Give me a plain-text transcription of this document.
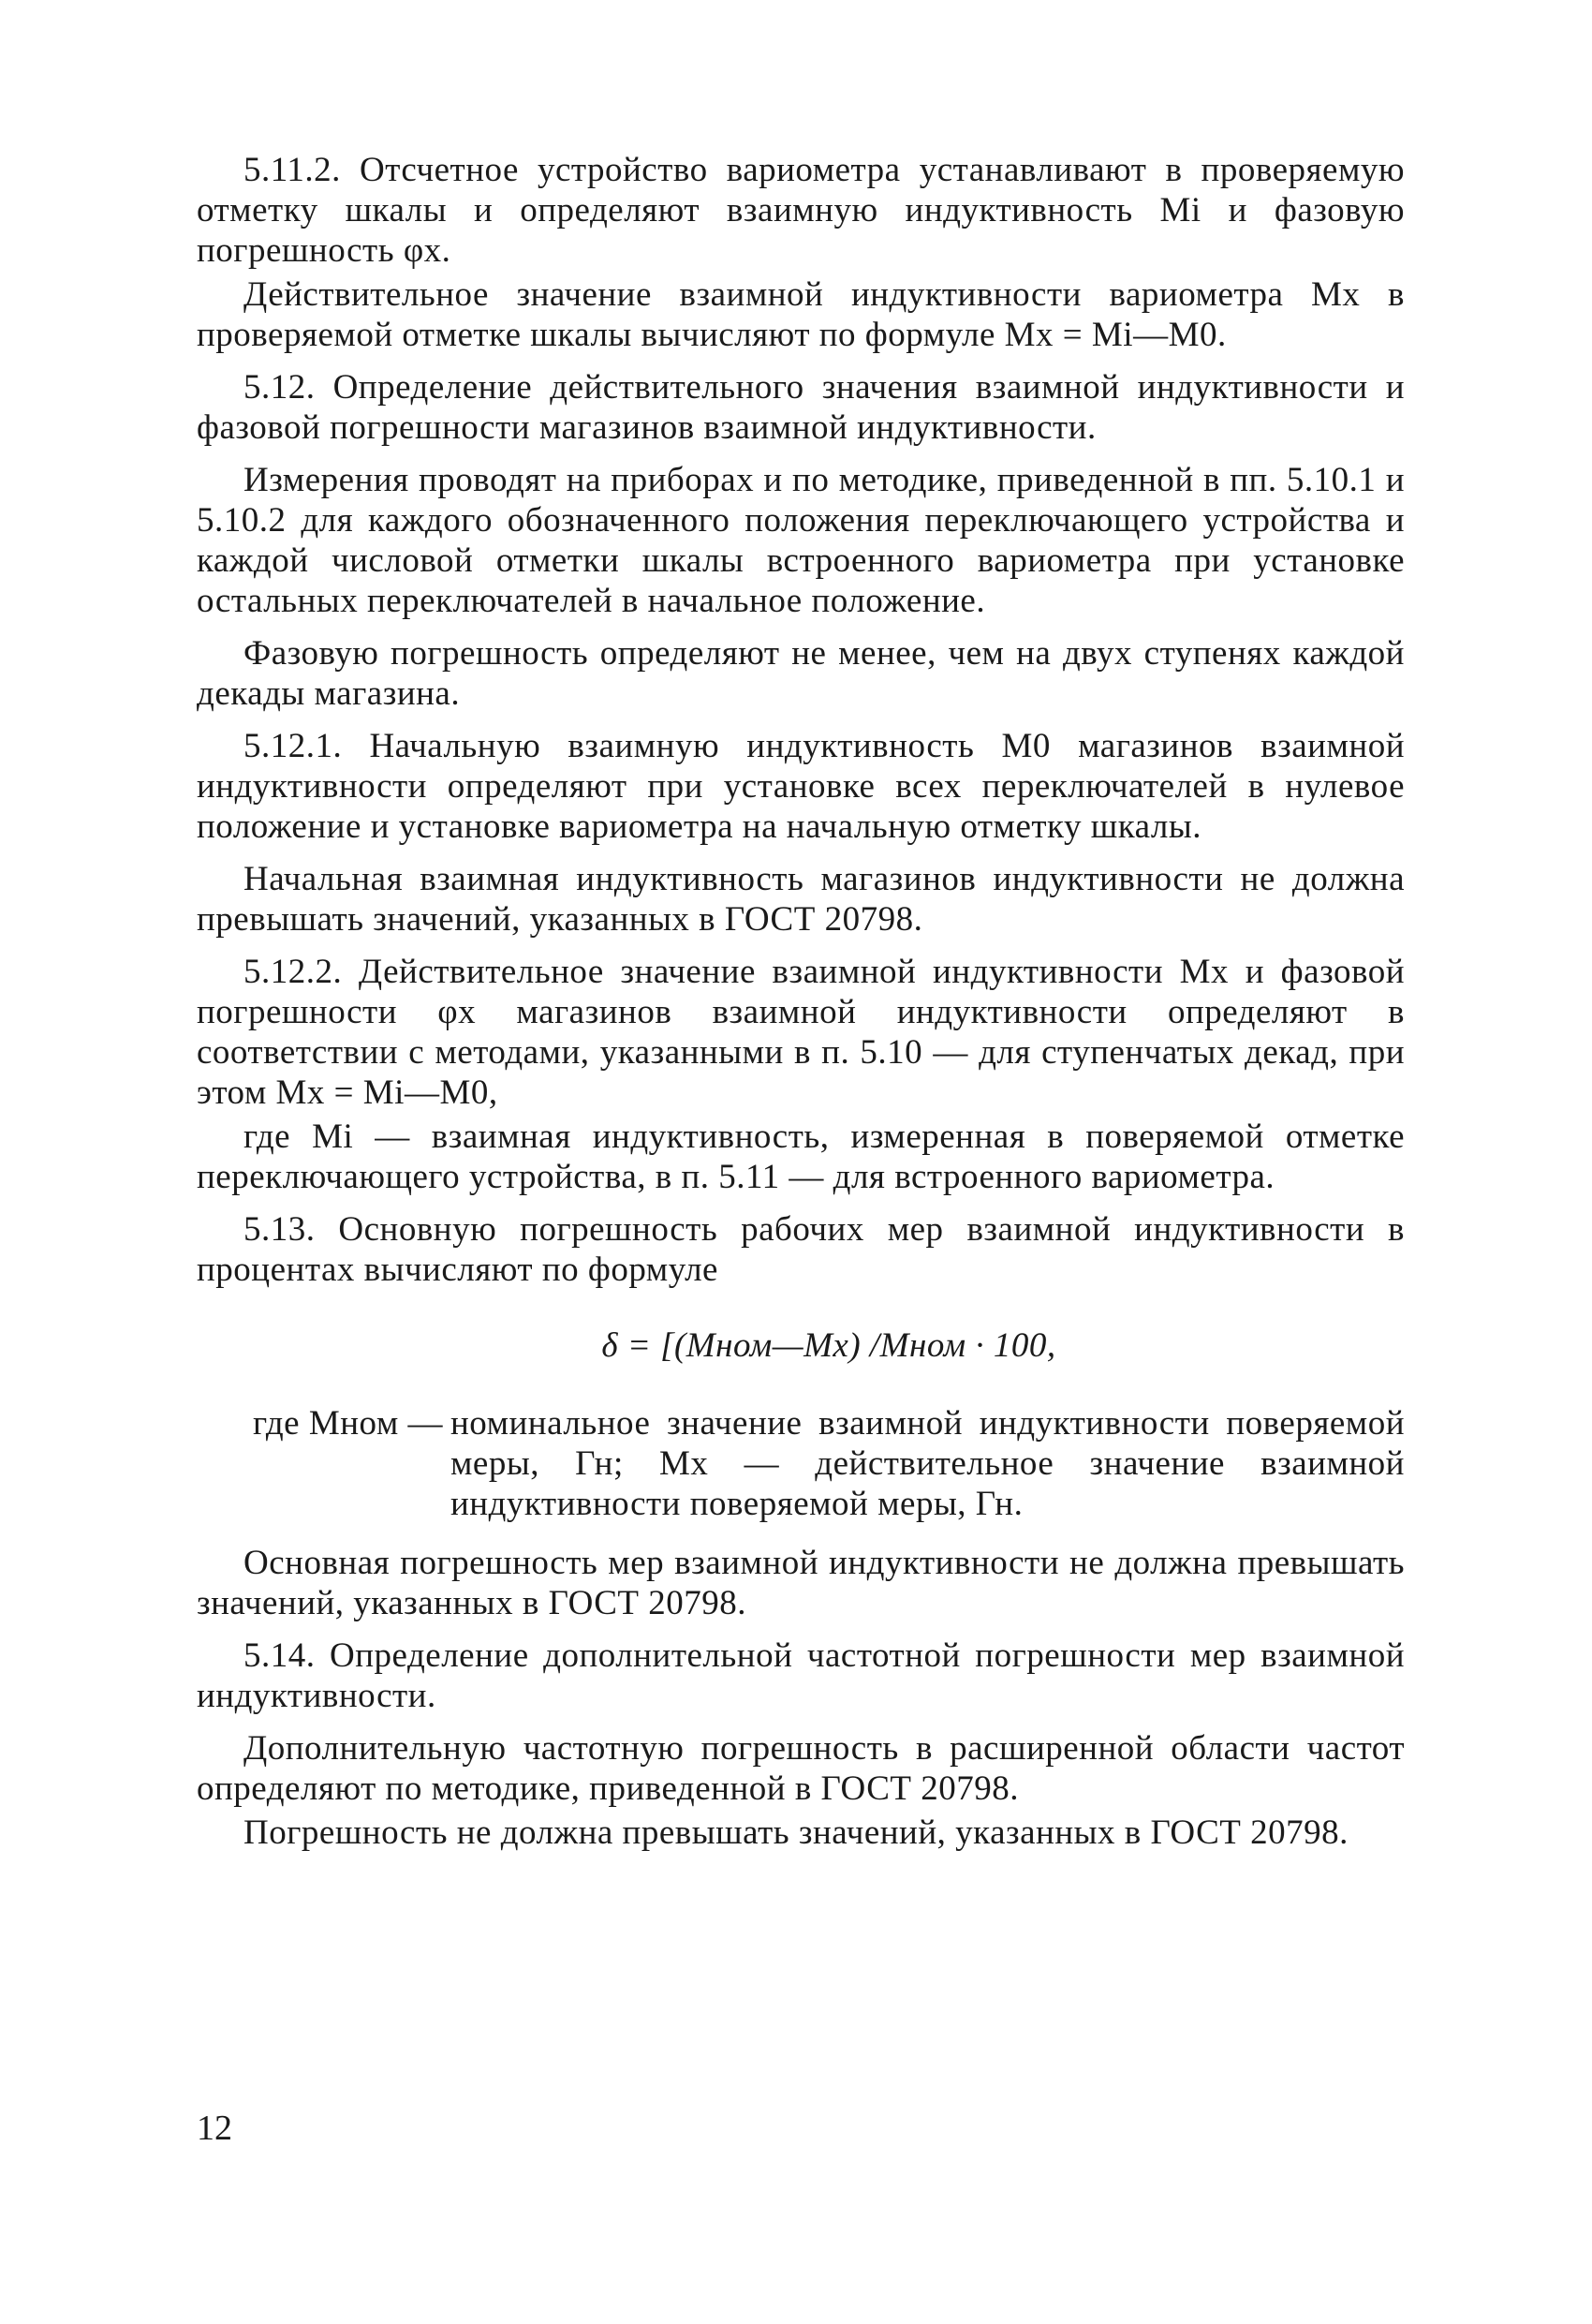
5.11.2. Отсчетное устройство вариометра устанавливают в проверяемую отметку шкалы и определяют взаимную индуктивность Mi и фазовую погрешность φx.

Действительное значение взаимной индуктивности вариометра Mx в проверяемой отметке шкалы вычисляют по формуле Mx = Mi—M0.

5.12. Определение действительного значения взаимной индуктивности и фазовой погрешности магазинов взаимной индуктивности.

Измерения проводят на приборах и по методике, приведенной в пп. 5.10.1 и 5.10.2 для каждого обозначенного положения переключающего устройства и каждой числовой отметки шкалы встроенного вариометра при установке остальных переключателей в начальное положение.

Фазовую погрешность определяют не менее, чем на двух ступенях каждой декады магазина.

5.12.1. Начальную взаимную индуктивность M0 магазинов взаимной индуктивности определяют при установке всех переключателей в нулевое положение и установке вариометра на начальную отметку шкалы.

Начальная взаимная индуктивность магазинов индуктивности не должна превышать значений, указанных в ГОСТ 20798.

5.12.2. Действительное значение взаимной индуктивности Mx и фазовой погрешности φx магазинов взаимной индуктивности определяют в соответствии с методами, указанными в п. 5.10 — для ступенчатых декад, при этом Mx = Mi—M0,

где Mi — взаимная индуктивность, измеренная в поверяемой отметке переключающего устройства, в п. 5.11 — для встроенного вариометра.

5.13. Основную погрешность рабочих мер взаимной индуктивности в процентах вычисляют по формуле

δ = [(Mном—Mx) /Mном · 100,
где Mном — номинальное значение взаимной индуктивности поверяемой меры, Гн; Mx — действительное значение взаимной индуктивности поверяемой меры, Гн.

Основная погрешность мер взаимной индуктивности не должна превышать значений, указанных в ГОСТ 20798.

5.14. Определение дополнительной частотной погрешности мер взаимной индуктивности.

Дополнительную частотную погрешность в расширенной области частот определяют по методике, приведенной в ГОСТ 20798.

Погрешность не должна превышать значений, указанных в ГОСТ 20798.

12
